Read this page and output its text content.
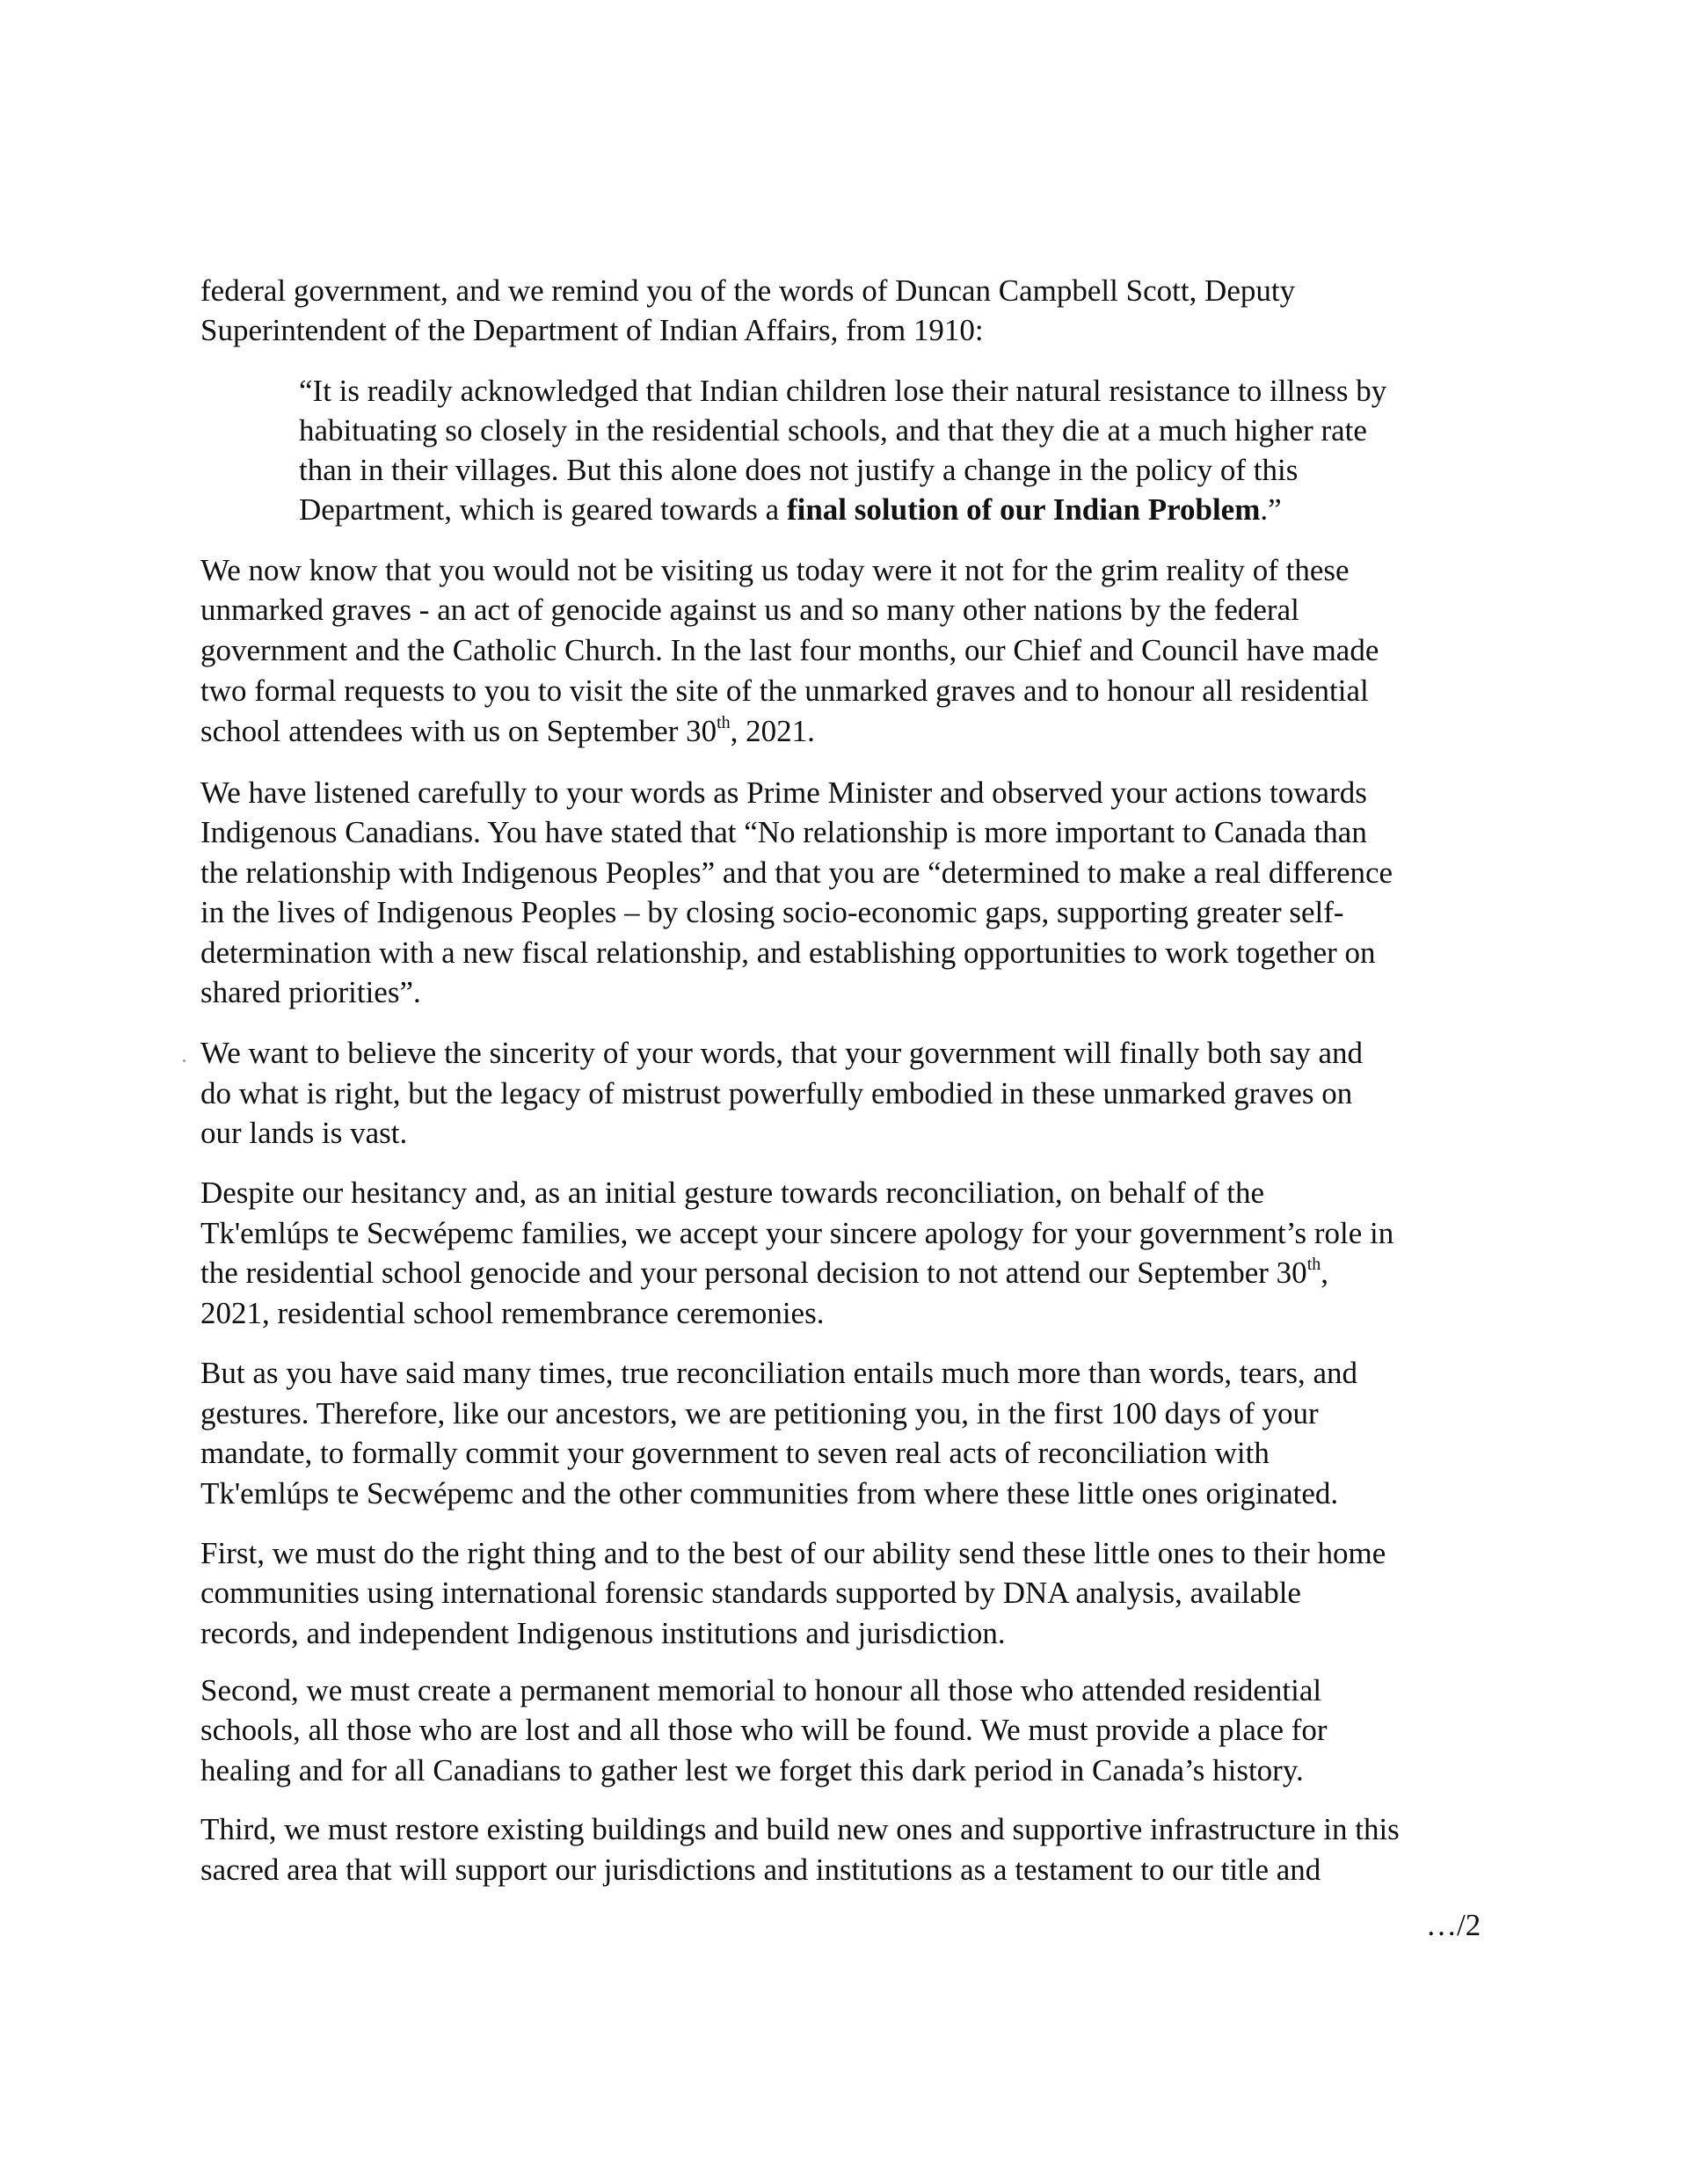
federal government, and we remind you of the words of Duncan Campbell Scott, Deputy
Superintendent of the Department of Indian Affairs, from 1910:
“It is readily acknowledged that Indian children lose their natural resistance to illness by
habituating so closely in the residential schools, and that they die at a much higher rate
than in their villages. But this alone does not justify a change in the policy of this
Department, which is geared towards a final solution of our Indian Problem.”
We now know that you would not be visiting us today were it not for the grim reality of these
unmarked graves - an act of genocide against us and so many other nations by the federal
government and the Catholic Church. In the last four months, our Chief and Council have made
two formal requests to you to visit the site of the unmarked graves and to honour all residential
school attendees with us on September 30th, 2021.
We have listened carefully to your words as Prime Minister and observed your actions towards
Indigenous Canadians. You have stated that “No relationship is more important to Canada than
the relationship with Indigenous Peoples” and that you are “determined to make a real difference
in the lives of Indigenous Peoples – by closing socio-economic gaps, supporting greater self-
determination with a new fiscal relationship, and establishing opportunities to work together on
shared priorities”.
We want to believe the sincerity of your words, that your government will finally both say and
do what is right, but the legacy of mistrust powerfully embodied in these unmarked graves on
our lands is vast.
Despite our hesitancy and, as an initial gesture towards reconciliation, on behalf of the
Tk'emlúps te Secwépemc families, we accept your sincere apology for your government’s role in
the residential school genocide and your personal decision to not attend our September 30th,
2021, residential school remembrance ceremonies.
But as you have said many times, true reconciliation entails much more than words, tears, and
gestures. Therefore, like our ancestors, we are petitioning you, in the first 100 days of your
mandate, to formally commit your government to seven real acts of reconciliation with
Tk'emlúps te Secwépemc and the other communities from where these little ones originated.
First, we must do the right thing and to the best of our ability send these little ones to their home
communities using international forensic standards supported by DNA analysis, available
records, and independent Indigenous institutions and jurisdiction.
Second, we must create a permanent memorial to honour all those who attended residential
schools, all those who are lost and all those who will be found. We must provide a place for
healing and for all Canadians to gather lest we forget this dark period in Canada’s history.
Third, we must restore existing buildings and build new ones and supportive infrastructure in this
sacred area that will support our jurisdictions and institutions as a testament to our title and
…/2
